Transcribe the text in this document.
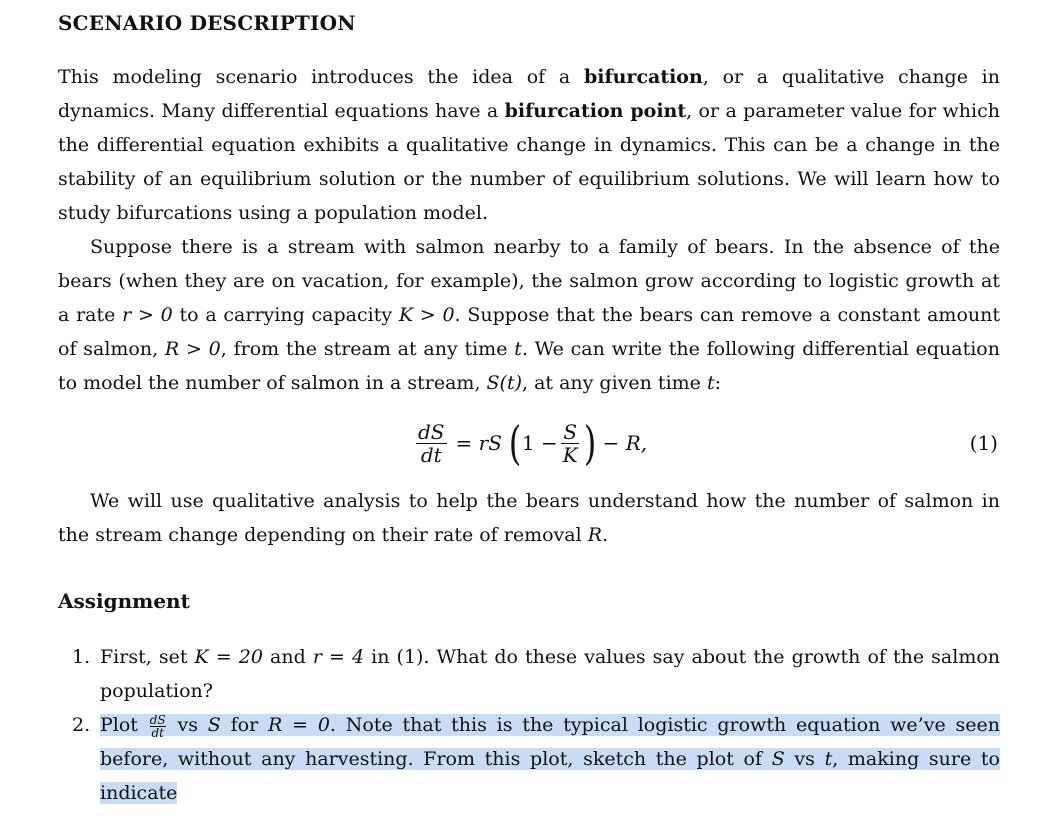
SCENARIO DESCRIPTION
This modeling scenario introduces the idea of a bifurcation, or a qualitative change in dynamics. Many differential equations have a bifurcation point, or a parameter value for which the differential equation exhibits a qualitative change in dynamics. This can be a change in the stability of an equilibrium solution or the number of equilibrium solutions. We will learn how to study bifurcations using a population model.
Suppose there is a stream with salmon nearby to a family of bears. In the absence of the bears (when they are on vacation, for example), the salmon grow according to logistic growth at a rate r > 0 to a carrying capacity K > 0. Suppose that the bears can remove a constant amount of salmon, R > 0, from the stream at any time t. We can write the following differential equation to model the number of salmon in a stream, S(t), at any given time t:
$\frac{dS}{dt}$ = rS ( $1 - \frac{S}{K}$ ) − R,	(1)
We will use qualitative analysis to help the bears understand how the number of salmon in the stream change depending on their rate of removal R.
Assignment
1. First, set K = 20 and r = 4 in (1). What do these values say about the growth of the salmon population?
2. Plot $\frac{dS}{dt}$ vs S for R = 0. Note that this is the typical logistic growth equation we’ve seen before, without any harvesting. From this plot, sketch the plot of S vs t, making sure to indicate
